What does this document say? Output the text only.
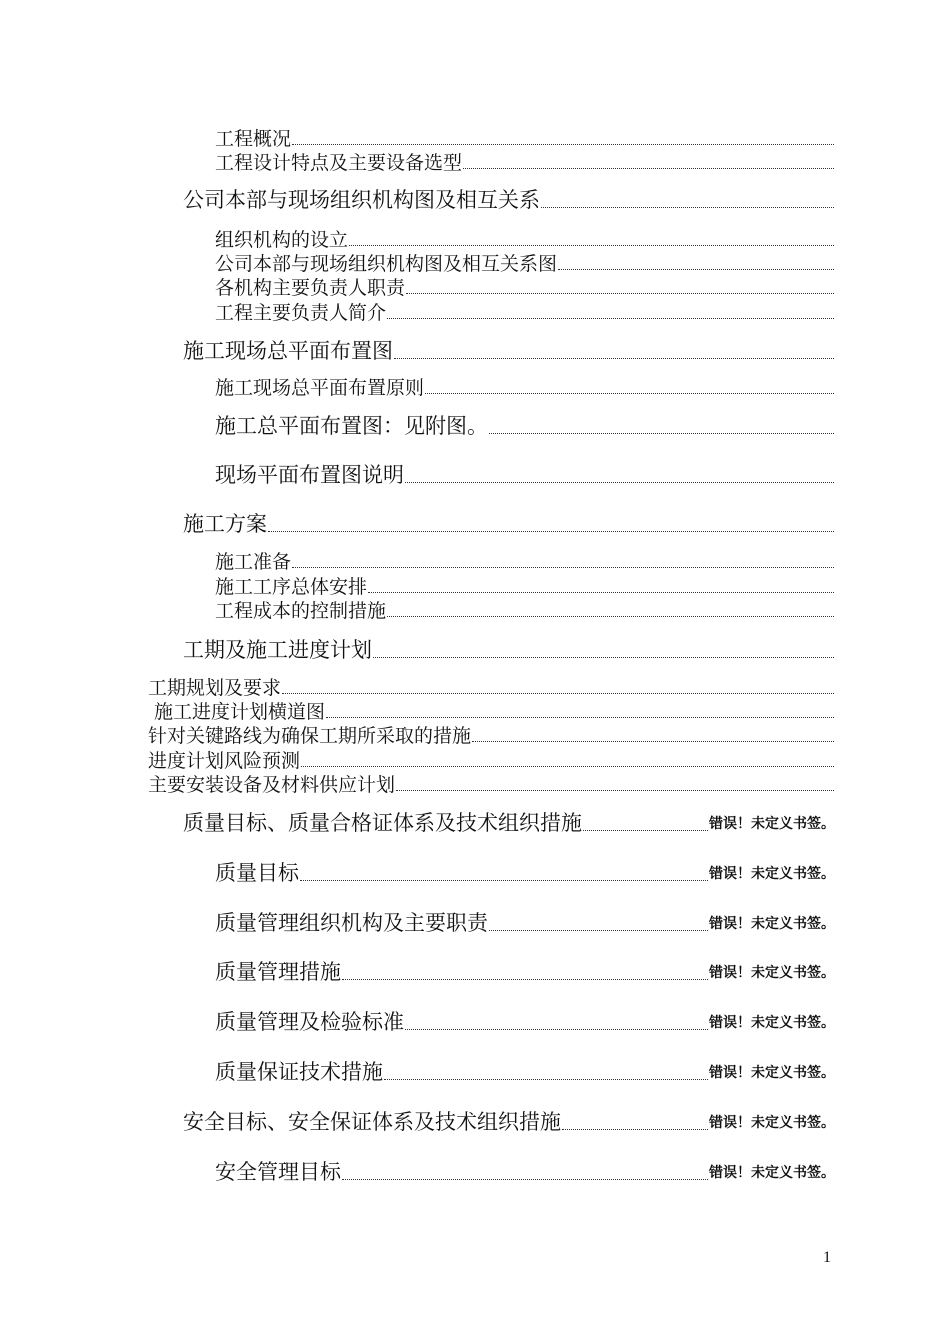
工程概况
工程设计特点及主要设备选型
公司本部与现场组织机构图及相互关系
组织机构的设立
公司本部与现场组织机构图及相互关系图
各机构主要负责人职责
工程主要负责人简介
施工现场总平面布置图
施工现场总平面布置原则
施工总平面布置图：见附图。
现场平面布置图说明
施工方案
施工准备
施工工序总体安排
工程成本的控制措施
工期及施工进度计划
工期规划及要求
施工进度计划横道图
针对关键路线为确保工期所采取的措施
进度计划风险预测
主要安装设备及材料供应计划
质量目标、质量合格证体系及技术组织措施	错误！未定义书签。
质量目标	错误！未定义书签。
质量管理组织机构及主要职责	错误！未定义书签。
质量管理措施	错误！未定义书签。
质量管理及检验标准	错误！未定义书签。
质量保证技术措施	错误！未定义书签。
安全目标、安全保证体系及技术组织措施	错误！未定义书签。
安全管理目标	错误！未定义书签。
1
